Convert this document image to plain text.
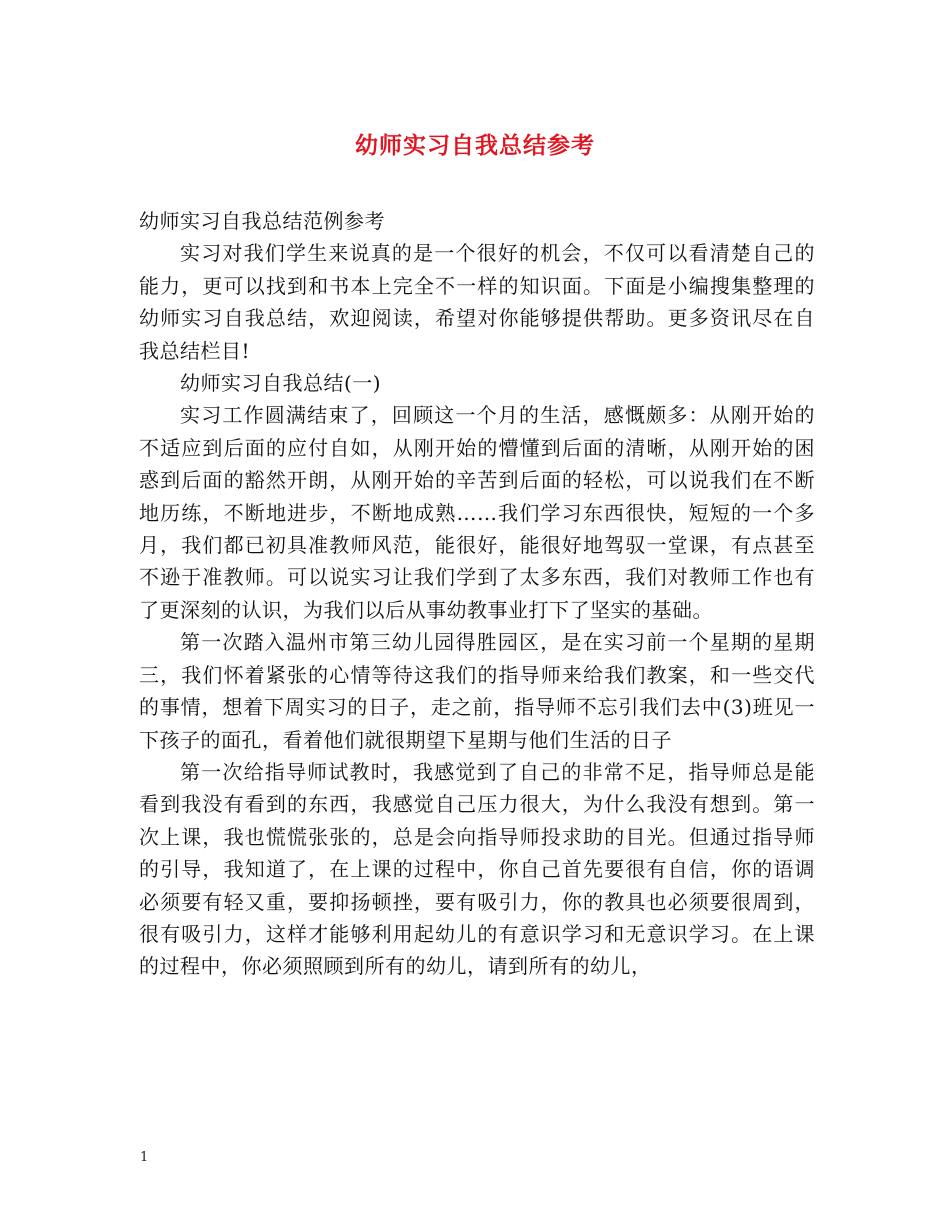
幼师实习自我总结参考

幼师实习自我总结范例参考

实习对我们学生来说真的是一个很好的机会，不仅可以看清楚自己的能力，更可以找到和书本上完全不一样的知识面。下面是小编搜集整理的幼师实习自我总结，欢迎阅读，希望对你能够提供帮助。更多资讯尽在自我总结栏目!

幼师实习自我总结(一)

实习工作圆满结束了，回顾这一个月的生活，感慨颇多：从刚开始的不适应到后面的应付自如，从刚开始的懵懂到后面的清晰，从刚开始的困惑到后面的豁然开朗，从刚开始的辛苦到后面的轻松，可以说我们在不断地历练，不断地进步，不断地成熟……我们学习东西很快，短短的一个多月，我们都已初具准教师风范，能很好，能很好地驾驭一堂课，有点甚至不逊于准教师。可以说实习让我们学到了太多东西，我们对教师工作也有了更深刻的认识，为我们以后从事幼教事业打下了坚实的基础。

第一次踏入温州市第三幼儿园得胜园区，是在实习前一个星期的星期三，我们怀着紧张的心情等待这我们的指导师来给我们教案，和一些交代的事情，想着下周实习的日子，走之前，指导师不忘引我们去中(3)班见一下孩子的面孔，看着他们就很期望下星期与他们生活的日子

第一次给指导师试教时，我感觉到了自己的非常不足，指导师总是能看到我没有看到的东西，我感觉自己压力很大，为什么我没有想到。第一次上课，我也慌慌张张的，总是会向指导师投求助的目光。但通过指导师的引导，我知道了，在上课的过程中，你自己首先要很有自信，你的语调必须要有轻又重，要抑扬顿挫，要有吸引力，你的教具也必须要很周到，很有吸引力，这样才能够利用起幼儿的有意识学习和无意识学习。在上课的过程中，你必须照顾到所有的幼儿，请到所有的幼儿，

1
